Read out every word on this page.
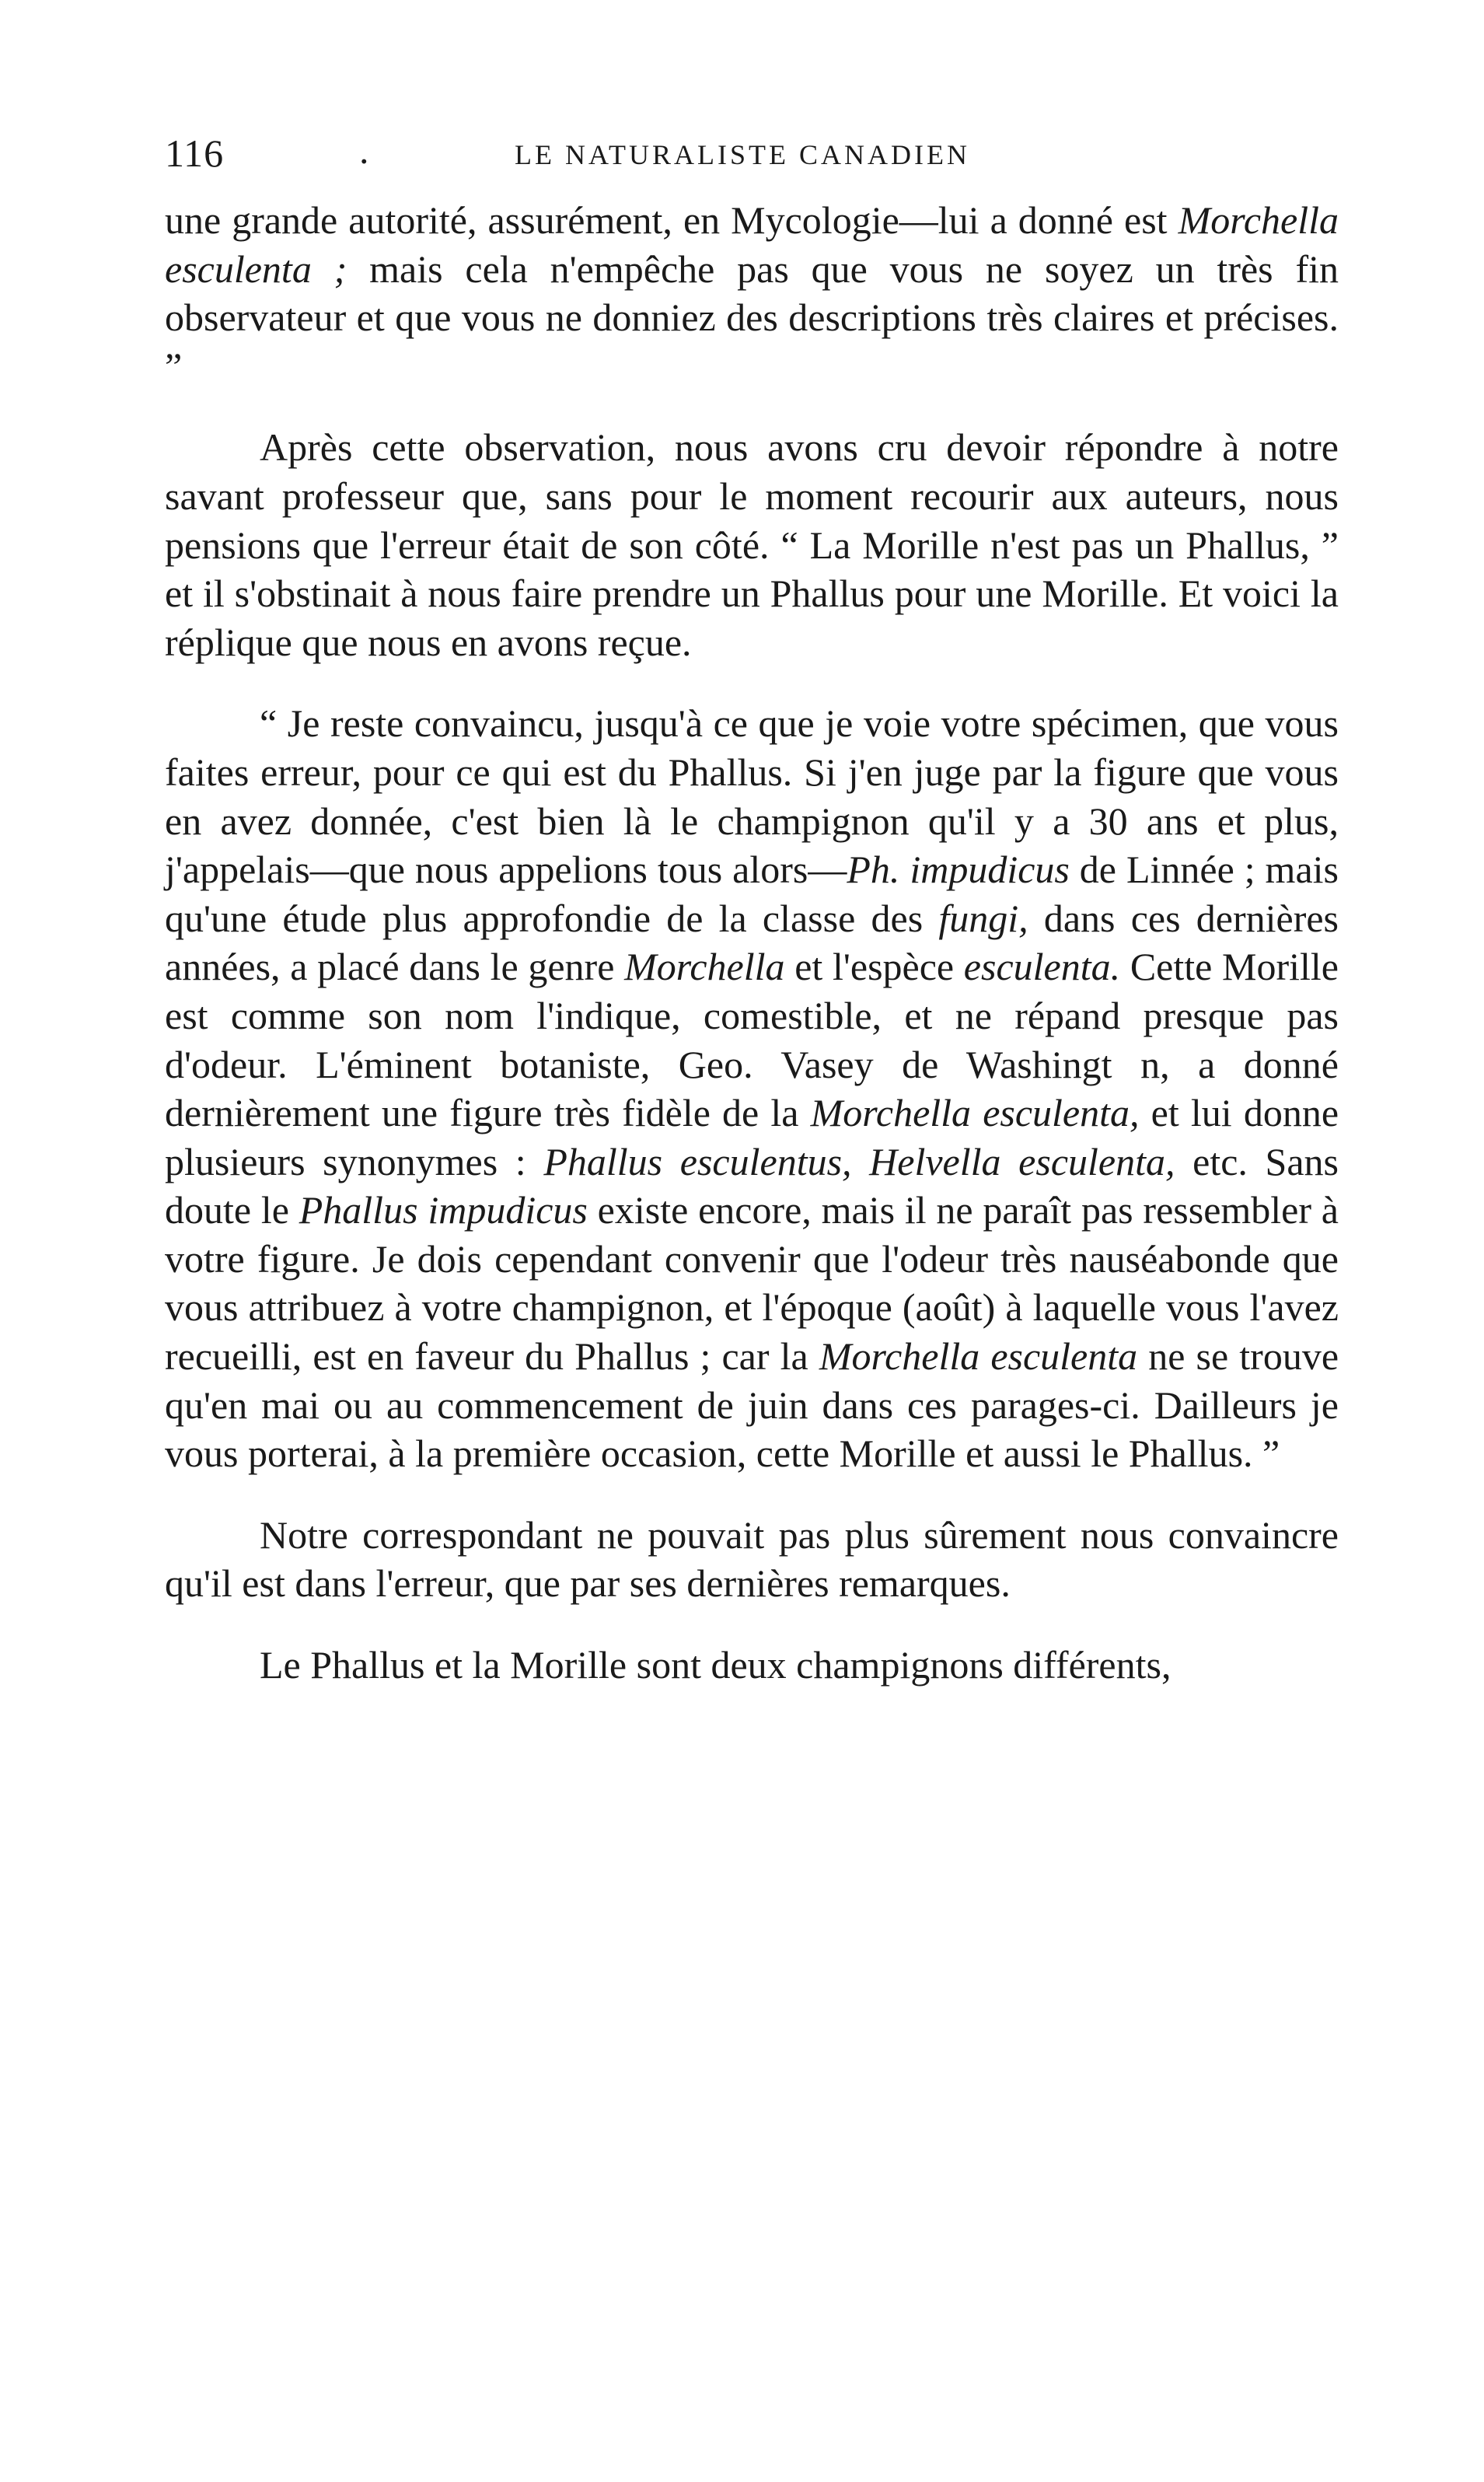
116	.	LE NATURALISTE CANADIEN

une grande autorité, assurément, en Mycologie—lui a donné est Morchella esculenta ; mais cela n'empêche pas que vous ne soyez un très fin observateur et que vous ne donniez des descriptions très claires et précises. ”

Après cette observation, nous avons cru devoir répondre à notre savant professeur que, sans pour le moment recourir aux auteurs, nous pensions que l'erreur était de son côté. “ La Morille n'est pas un Phallus, ” et il s'obstinait à nous faire prendre un Phallus pour une Morille. Et voici la réplique que nous en avons reçue.

“ Je reste convaincu, jusqu'à ce que je voie votre spécimen, que vous faites erreur, pour ce qui est du Phallus. Si j'en juge par la figure que vous en avez donnée, c'est bien là le champignon qu'il y a 30 ans et plus, j'appelais—que nous appelions tous alors—Ph. impudicus de Linnée ; mais qu'une étude plus approfondie de la classe des fungi, dans ces dernières années, a placé dans le genre Morchella et l'espèce esculenta. Cette Morille est comme son nom l'indique, comestible, et ne répand presque pas d'odeur. L'éminent botaniste, Geo. Vasey de Washingt n, a donné dernièrement une figure très fidèle de la Morchella esculenta, et lui donne plusieurs synonymes : Phallus esculentus, Helvella esculenta, etc. Sans doute le Phallus impudicus existe encore, mais il ne paraît pas ressembler à votre figure. Je dois cependant convenir que l'odeur très nauséabonde que vous attribuez à votre champignon, et l'époque (août) à laquelle vous l'avez recueilli, est en faveur du Phallus ; car la Morchella esculenta ne se trouve qu'en mai ou au commencement de juin dans ces parages-ci. Dailleurs je vous porterai, à la première occasion, cette Morille et aussi le Phallus. ”

Notre correspondant ne pouvait pas plus sûrement nous convaincre qu'il est dans l'erreur, que par ses dernières remarques.

Le Phallus et la Morille sont deux champignons différents,
